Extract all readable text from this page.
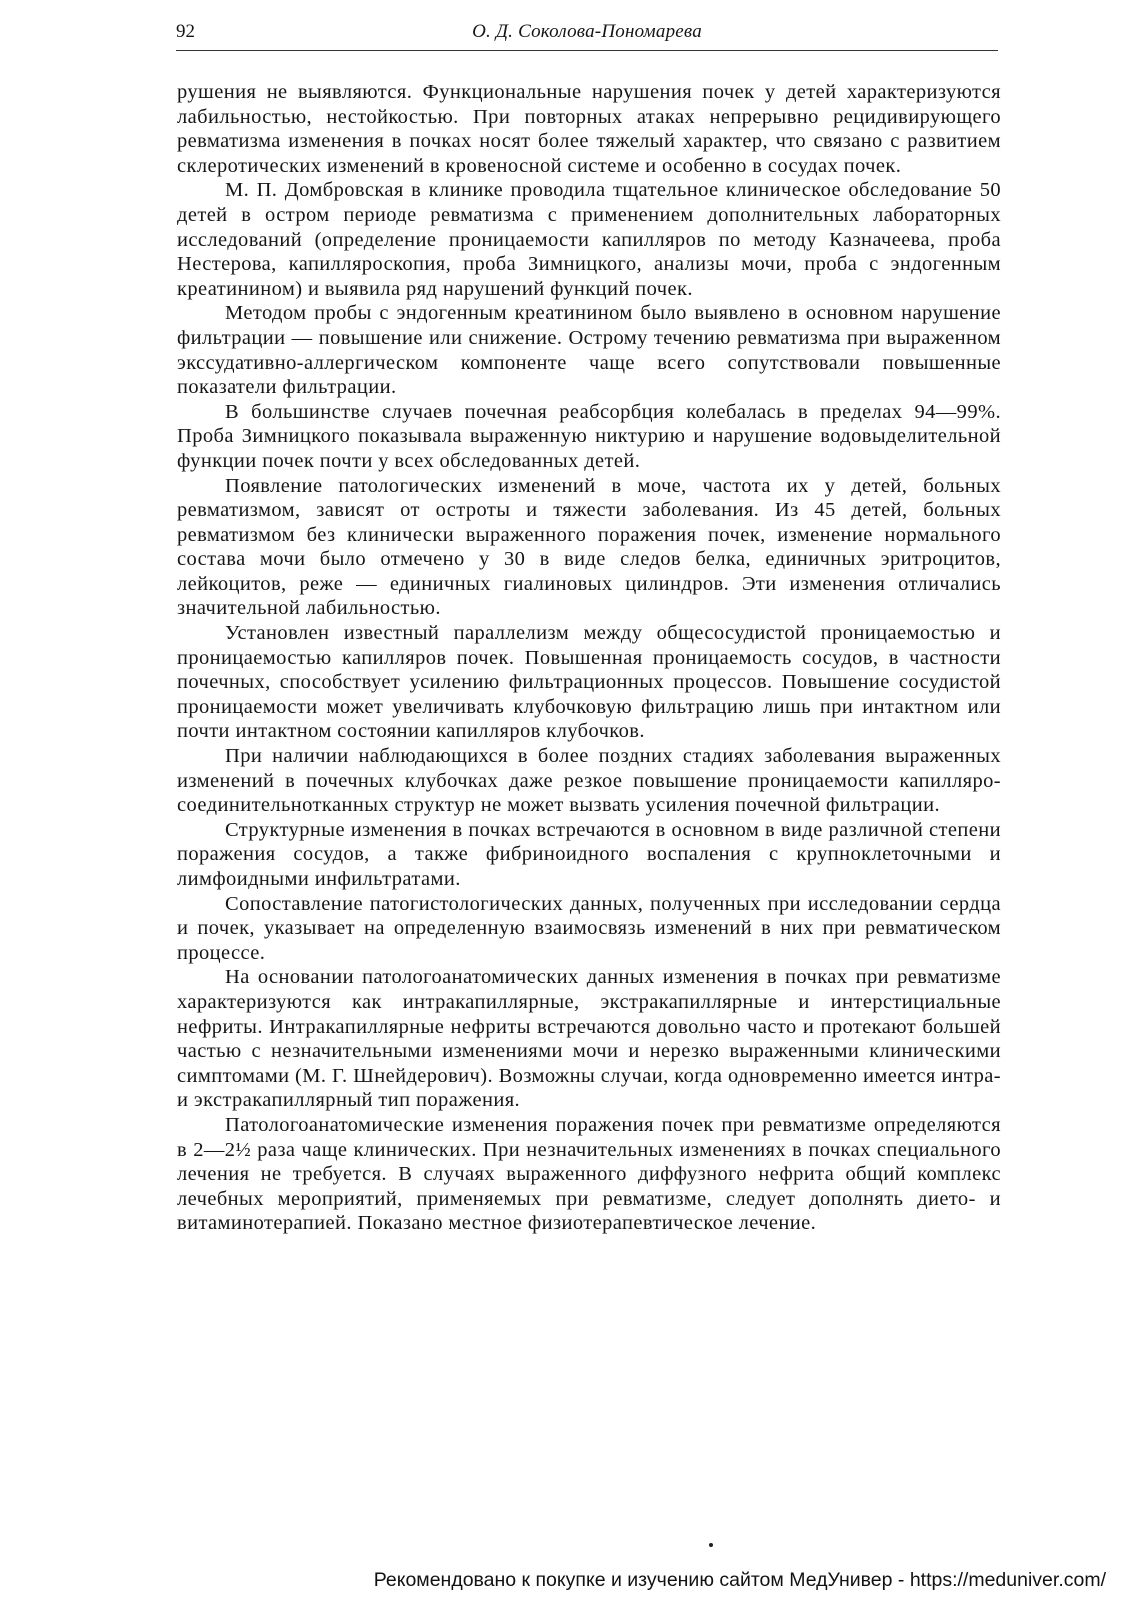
92	О. Д. Соколова-Пономарева

рушения не выявляются. Функциональные нарушения почек у детей характеризуются лабильностью, нестойкостью. При повторных атаках непрерывно рецидивирующего ревматизма изменения в почках носят более тяжелый характер, что связано с развитием склеротических изменений в кровеносной системе и особенно в сосудах почек.

М. П. Домбровская в клинике проводила тщательное клиническое обследование 50 детей в остром периоде ревматизма с применением дополнительных лабораторных исследований (определение проницаемости капилляров по методу Казначеева, проба Нестерова, капилляроскопия, проба Зимницкого, анализы мочи, проба с эндогенным креатинином) и выявила ряд нарушений функций почек.

Методом пробы с эндогенным креатинином было выявлено в основном нарушение фильтрации — повышение или снижение. Острому течению ревматизма при выраженном экссудативно-аллергическом компоненте чаще всего сопутствовали повышенные показатели фильтрации.

В большинстве случаев почечная реабсорбция колебалась в пределах 94—99%. Проба Зимницкого показывала выраженную никтурию и нарушение водовыделительной функции почек почти у всех обследованных детей.

Появление патологических изменений в моче, частота их у детей, больных ревматизмом, зависят от остроты и тяжести заболевания. Из 45 детей, больных ревматизмом без клинически выраженного поражения почек, изменение нормального состава мочи было отмечено у 30 в виде следов белка, единичных эритроцитов, лейкоцитов, реже — единичных гиалиновых цилиндров. Эти изменения отличались значительной лабильностью.

Установлен известный параллелизм между общесосудистой проницаемостью и проницаемостью капилляров почек. Повышенная проницаемость сосудов, в частности почечных, способствует усилению фильтрационных процессов. Повышение сосудистой проницаемости может увеличивать клубочковую фильтрацию лишь при интактном или почти интактном состоянии капилляров клубочков.

При наличии наблюдающихся в более поздних стадиях заболевания выраженных изменений в почечных клубочках даже резкое повышение проницаемости капилляро-соединительнотканных структур не может вызвать усиления почечной фильтрации.

Структурные изменения в почках встречаются в основном в виде различной степени поражения сосудов, а также фибриноидного воспаления с крупноклеточными и лимфоидными инфильтратами.

Сопоставление патогистологических данных, полученных при исследовании сердца и почек, указывает на определенную взаимосвязь изменений в них при ревматическом процессе.

На основании патологоанатомических данных изменения в почках при ревматизме характеризуются как интракапиллярные, экстракапиллярные и интерстициальные нефриты. Интракапиллярные нефриты встречаются довольно часто и протекают большей частью с незначительными изменениями мочи и нерезко выраженными клиническими симптомами (М. Г. Шнейдерович). Возможны случаи, когда одновременно имеется интра- и экстракапиллярный тип поражения.

Патологоанатомические изменения поражения почек при ревматизме определяются в 2—2½ раза чаще клинических. При незначительных изменениях в почках специального лечения не требуется. В случаях выраженного диффузного нефрита общий комплекс лечебных мероприятий, применяемых при ревматизме, следует дополнять дието- и витаминотерапией. Показано местное физиотерапевтическое лечение.

Рекомендовано к покупке и изучению сайтом МедУнивер - https://meduniver.com/
